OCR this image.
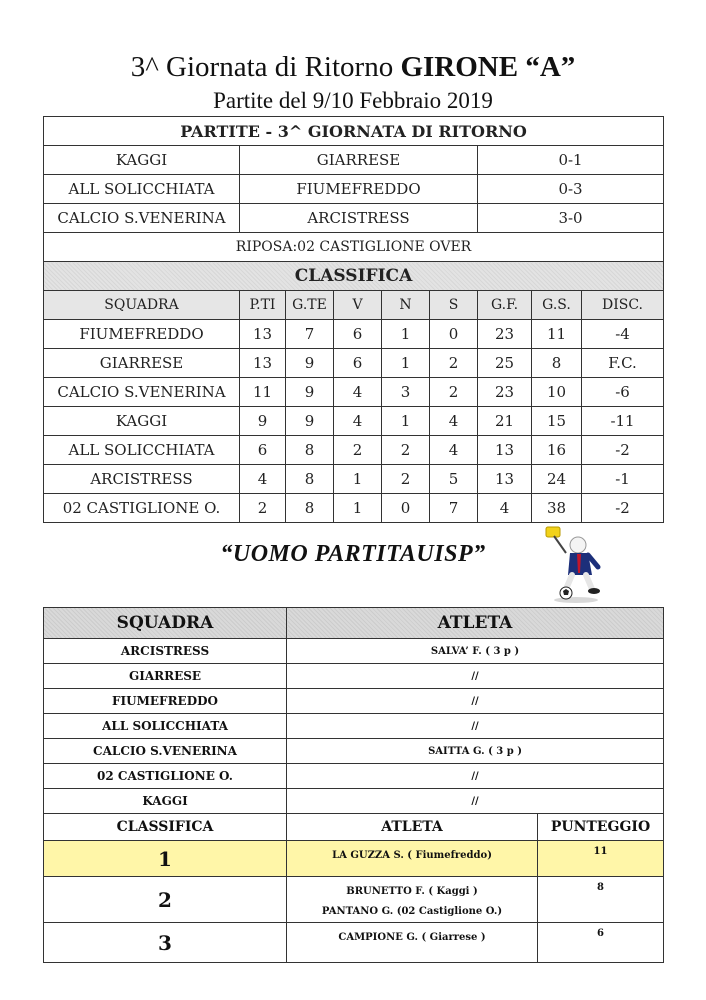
3^ Giornata di Ritorno GIRONE “A”
Partite del 9/10 Febbraio 2019
PARTITE - 3^ GIORNATA DI RITORNO								
KAGGI	GIARRESE					0-1		
ALL SOLICCHIATA	FIUMEFREDDO					0-3		
CALCIO S.VENERINA	ARCISTRESS					3-0		
RIPOSA:02 CASTIGLIONE OVER								
CLASSIFICA								
SQUADRA	P.TI	G.TE	V	N	S	G.F.	G.S.	DISC.
FIUMEFREDDO	13	7	6	1	0	23	11	-4
GIARRESE	13	9	6	1	2	25	8	F.C.
CALCIO S.VENERINA	11	9	4	3	2	23	10	-6
KAGGI	9	9	4	1	4	21	15	-11
ALL SOLICCHIATA	6	8	2	2	4	13	16	-2
ARCISTRESS	4	8	1	2	5	13	24	-1
02 CASTIGLIONE O.	2	8	1	0	7	4	38	-2
“UOMO PARTITAUISP”
SQUADRA	ATLETA	
ARCISTRESS	SALVA’ F. ( 3 p )	
GIARRESE	//	
FIUMEFREDDO	//	
ALL SOLICCHIATA	//	
CALCIO S.VENERINA	SAITTA G. ( 3 p )	
02 CASTIGLIONE O.	//	
KAGGI	//	
CLASSIFICA	ATLETA	PUNTEGGIO
1	LA GUZZA S. ( Fiumefreddo)	11
2	BRUNETTO F. ( Kaggi )
PANTANO G. (02 Castiglione O.)	8
3	CAMPIONE G. ( Giarrese )	6
